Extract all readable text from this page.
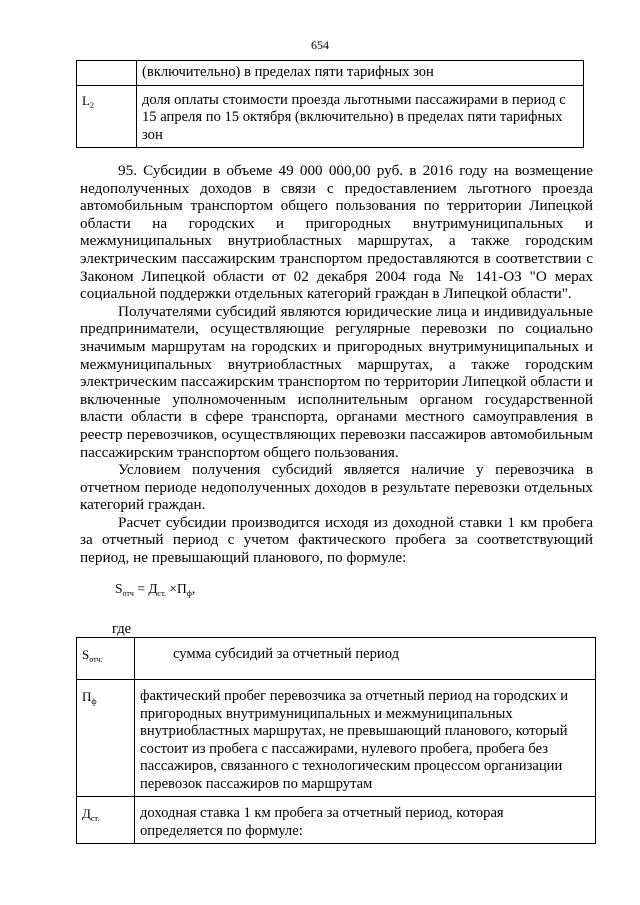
654
	(включительно) в пределах пяти тарифных зон
$L_2$	доля оплаты стоимости проезда льготными пассажирами в период с 15 апреля по 15 октября (включительно) в пределах пяти тарифных зон

95. Субсидии в объеме 49 000 000,00 руб. в 2016 году на возмещение недополученных доходов в связи с предоставлением льготного проезда автомобильным транспортом общего пользования по территории Липецкой области на городских и пригородных внутримуниципальных и межмуниципальных внутриобластных маршрутах, а также городским электрическим пассажирским транспортом предоставляются в соответствии с Законом Липецкой области от 02 декабря 2004 года № 141-ОЗ "О мерах социальной поддержки отдельных категорий граждан в Липецкой области".

Получателями субсидий являются юридические лица и индивидуальные предприниматели, осуществляющие регулярные перевозки по социально значимым маршрутам на городских и пригородных внутримуниципальных и межмуниципальных внутриобластных маршрутах, а также городским электрическим пассажирским транспортом по территории Липецкой области и включенные уполномоченным исполнительным органом государственной власти области в сфере транспорта, органами местного самоуправления в реестр перевозчиков, осуществляющих перевозки пассажиров автомобильным пассажирским транспортом общего пользования.

Условием получения субсидий является наличие у перевозчика в отчетном периоде недополученных доходов в результате перевозки отдельных категорий граждан.

Расчет субсидии производится исходя из доходной ставки 1 км пробега за отчетный период с учетом фактического пробега за соответствующий период, не превышающий планового, по формуле:

$S_{отч} = Д_{ст.} \times П_ф$,
где
$S_{отч.}$	сумма субсидий за отчетный период
$П_ф$	фактический пробег перевозчика за отчетный период на городских и пригородных внутримуниципальных и межмуниципальных внутриобластных маршрутах, не превышающий планового, который состоит из пробега с пассажирами, нулевого пробега, пробега без пассажиров, связанного с технологическим процессом организации перевозок пассажиров по маршрутам
$Д_{ст.}$	доходная ставка 1 км пробега за отчетный период, которая определяется по формуле:
